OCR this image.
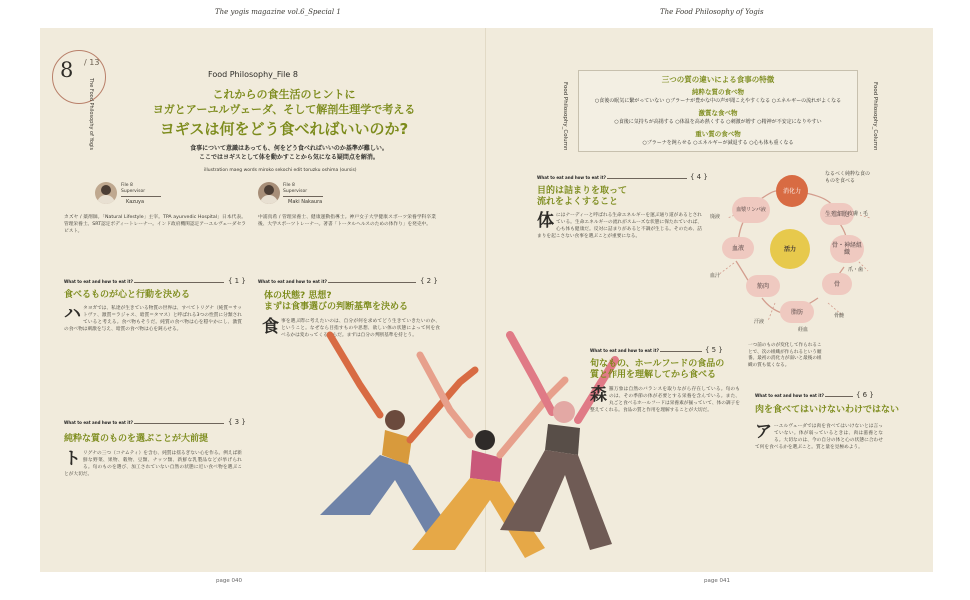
The yogis magazine vol.6_Special 1	The Food Philosophy of Yogis
page 040	page 041
8 / 13
The Food Philosophy of Yogis
Food Philosophy_File 8
これからの食生活のヒントに
ヨガとアーユルヴェーダ、そして解剖生理学で考える
ヨギスは何をどう食べればいいのか?
食事について意識はあっても、何をどう食べればいいのか基準が難しい。
ここではヨギスとして体を動かすことから気になる疑問点を解消。
illustration maeg words miroko sekochi edit toruzku oshima (oursis)
File 8
Supervisor
Kazuya
カズヤ / 薬剤師。「Natural Lifestyle」主宰。TPA ayurvedic Hospital」日本代表。管理栄養士。SRT認定ボディートレーナー。インド政府機関認定アーユルヴェーダセラピスト。
File 8
Supervisor
Maki Nakaura
中浦真希 / 管理栄養士、健康運動指導士。神戸女子大学健康スポーツ栄養学科卒業後、大学スポーツトレーナー。著書「トータルヘルスのための体作り」を発売中。
What to eat and how to eat it?	{ 1 }
食べるものが心と行動を決める
ハ タヨガでは、私達が生きている物質の世界は、すべてトリグナ（純質＝サットヴァ、激質＝ラジャス、暗質＝タマス）と呼ばれる3つの性質に分類されていると考える。食べ物もそうだ。純質の食べ物は心を穏やかにし、激質の食べ物は刺激を与え、暗質の食べ物は心を鈍らせる。
What to eat and how to eat it?	{ 3 }
純粋な質のものを選ぶことが大前提
ト リグナの三つ（コナムティ）を含む、純質は揺るぎない心を作る。例えば新鮮な野菜、果物、穀物、豆類、ナッツ類、新鮮な乳製品などが挙げられる。旬のものを選び、加工されていない自然の状態に近い食べ物を選ぶことが大切だ。
What to eat and how to eat it?	{ 2 }
体の状態? 思想?
まずは食事選びの判断基準を決める
食 事を選ぶ際に考えたいのは、自分が何を求めてどう生きていきたいのか、ということ。なぜなら目指すものや思想、欲しい体の状態によって何を食べるかは変わってくるからだ。まずは自分の判断基準を持とう。
Food Philosophy_Column	Food Philosophy_Column
三つの質の違いによる食事の特徴
純粋な質の食べ物
○食後の眠気に繋がっていない ○ブラーナが豊かな中の声が聞こえやすくなる ○エネルギーの流れがよくなる
激質な食べ物
○食後に気持ちが高揚する ○体温を高め熱くする ○刺激が増す ○精神が不安定になりやすい
重い質の食べ物
○ブラーナを鈍らせる ○エネルギーが減退する ○心も体も重くなる
What to eat and how to eat it?	{ 4 }
目的は詰まりを取って
流れをよくすること
体 にはナーディーと呼ばれる生命エネルギーを運ぶ通り道があるとされている。生命エネルギーの流れがスムーズな状態に保たれていれば、心も体も健康だ。反対に詰まりがあると不調が生じる。そのため、詰まりを起こさない食事を選ぶことが重要になる。
What to eat and how to eat it?	{ 5 }
旬なもの、ホールフードの食品の
質と作用を理解してから食べる
森 羅万象は自然のバランスを取りながら存在している。旬のものは、その季節の体が必要とする栄養を含んでいる。また、丸ごと食べるホールフードは栄養素が揃っていて、体の調子を整えてくれる。食品の質と作用を理解することが大切だ。
What to eat and how to eat it?	{ 6 }
肉を食べてはいけないわけではない
ア ーユルヴェーダでは肉を食べてはいけないとは言っていない。体が弱っているときは、肉は滋養となる。大切なのは、今の自分の体と心の状態に合わせて何を食べるかを選ぶこと。質と量を見極めよう。
消化力
生殖細胞
骨・神経組織
骨
脂肪
筋肉
血液
血漿リンパ液
活力
なるべく純粋な食のものを食べる
廃液
血汁
汗液
皮膚・毛
爪・歯
骨髄
経血
一つ前のものが変化して作られることで、次の組織が作られるという順番。最初の消化力が弱いと最後の組織の質も低くなる。
